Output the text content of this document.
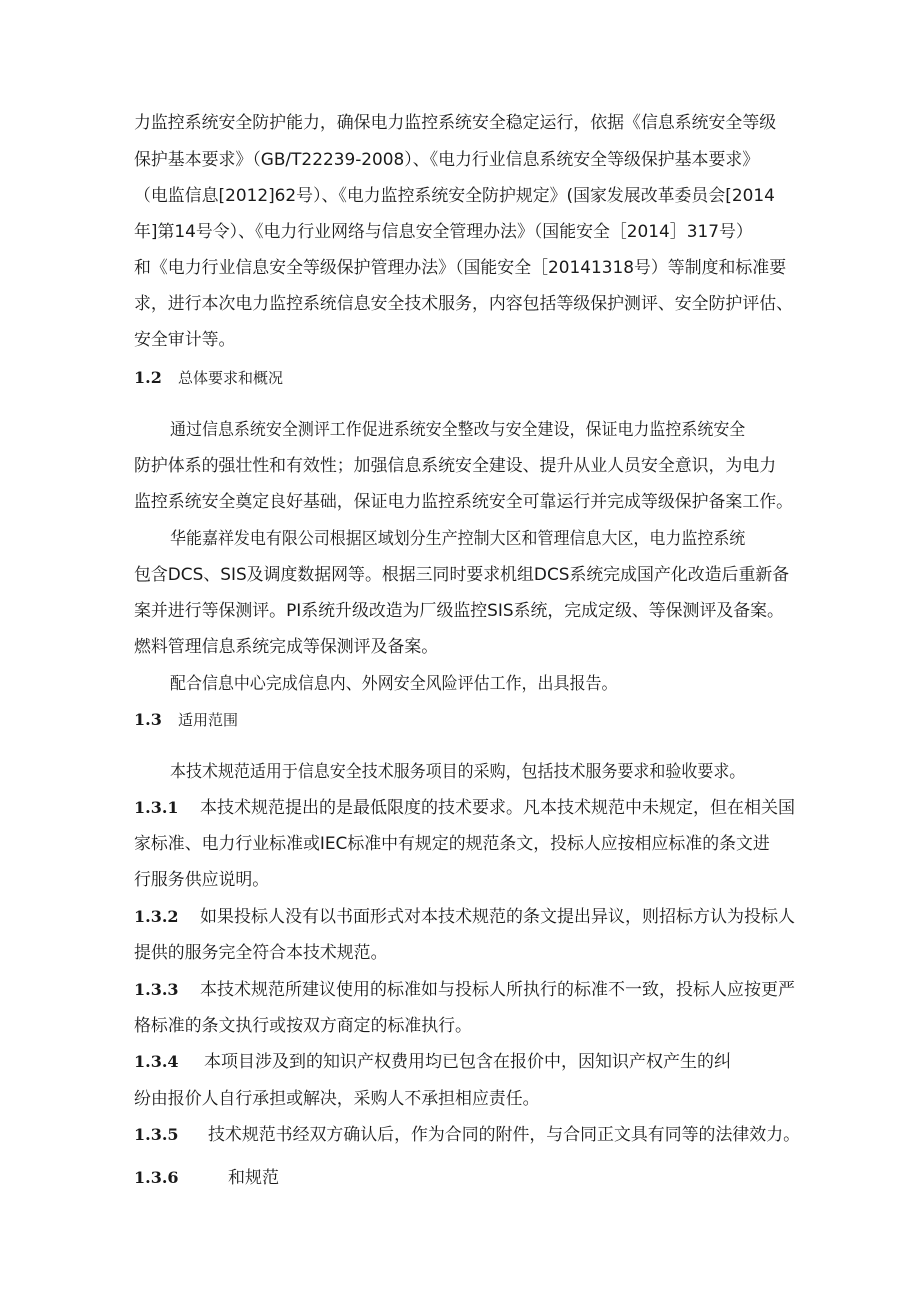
力监控系统安全防护能力，确保电力监控系统安全稳定运行，依据《信息系统安全等级
保护基本要求》（GB/T22239-2008）、《电力行业信息系统安全等级保护基本要求》
（电监信息[2012]62号）、《电力监控系统安全防护规定》(国家发展改革委员会[2014
年]第14号令）、《电力行业网络与信息安全管理办法》（国能安全［2014］317号）
和《电力行业信息安全等级保护管理办法》（国能安全［20141318号）等制度和标准要
求，进行本次电力监控系统信息安全技术服务，内容包括等级保护测评、安全防护评估、
安全审计等。
1.2 总体要求和概况
通过信息系统安全测评工作促进系统安全整改与安全建设，保证电力监控系统安全
防护体系的强壮性和有效性；加强信息系统安全建设、提升从业人员安全意识，为电力
监控系统安全奠定良好基础，保证电力监控系统安全可靠运行并完成等级保护备案工作。
华能嘉祥发电有限公司根据区域划分生产控制大区和管理信息大区，电力监控系统
包含DCS、SIS及调度数据网等。根据三同时要求机组DCS系统完成国产化改造后重新备
案并进行等保测评。PI系统升级改造为厂级监控SIS系统，完成定级、等保测评及备案。
燃料管理信息系统完成等保测评及备案。
配合信息中心完成信息内、外网安全风险评估工作，出具报告。
1.3 适用范围
本技术规范适用于信息安全技术服务项目的采购，包括技术服务要求和验收要求。
1.3.1 本技术规范提出的是最低限度的技术要求。凡本技术规范中未规定，但在相关国
家标准、电力行业标准或IEC标准中有规定的规范条文，投标人应按相应标准的条文进
行服务供应说明。
1.3.2 如果投标人没有以书面形式对本技术规范的条文提出异议，则招标方认为投标人
提供的服务完全符合本技术规范。
1.3.3 本技术规范所建议使用的标准如与投标人所执行的标准不一致，投标人应按更严
格标准的条文执行或按双方商定的标准执行。
1.3.4 本项目涉及到的知识产权费用均已包含在报价中，因知识产权产生的纠
纷由报价人自行承担或解决，采购人不承担相应责任。
1.3.5 技术规范书经双方确认后，作为合同的附件，与合同正文具有同等的法律效力。
1.3.6	和规范
